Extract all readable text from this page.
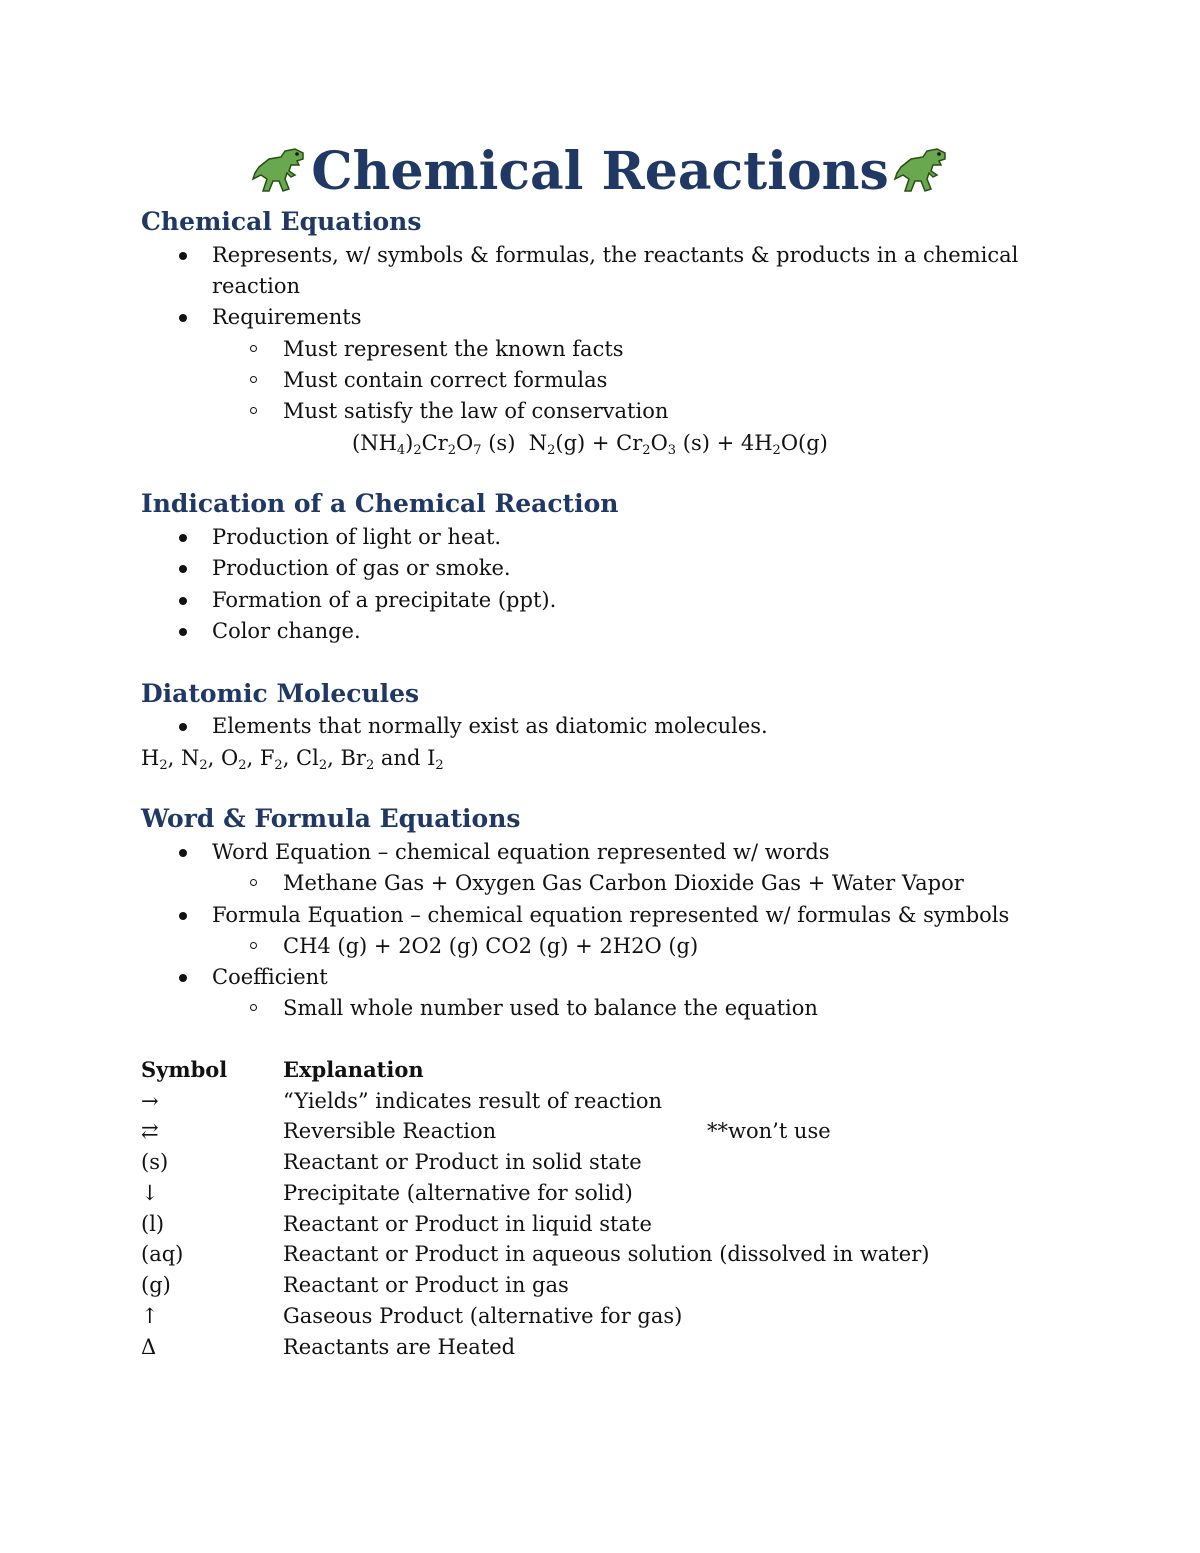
Chemical Reactions
Chemical Equations
Represents, w/ symbols & formulas, the reactants & products in a chemical
reaction
Requirements
Must represent the known facts
Must contain correct formulas
Must satisfy the law of conservation
$(NH_4)_2Cr_2O_7$ (s)  $N_2(g) + Cr_2O_3$ $(s) + 4H_2O(g)$
Indication of a Chemical Reaction
Production of light or heat.
Production of gas or smoke.
Formation of a precipitate (ppt).
Color change.
Diatomic Molecules
Elements that normally exist as diatomic molecules.
$H_2$, $N_2$, $O_2$, $F_2$, $Cl_2$, $Br_2$ and $I_2$
Word & Formula Equations
Word Equation – chemical equation represented w/ words
Methane Gas + Oxygen Gas Carbon Dioxide Gas + Water Vapor
Formula Equation – chemical equation represented w/ formulas & symbols
CH4 (g) + 2O2 (g) CO2 (g) + 2H2O (g)
Coefficient
Small whole number used to balance the equation
Symbol	Explanation
→	“Yields” indicates result of reaction
⇄	Reversible Reaction	**won’t use
(s)	Reactant or Product in solid state
↓	Precipitate (alternative for solid)
(l)	Reactant or Product in liquid state
(aq)	Reactant or Product in aqueous solution (dissolved in water)
(g)	Reactant or Product in gas
↑	Gaseous Product (alternative for gas)
Δ	Reactants are Heated
